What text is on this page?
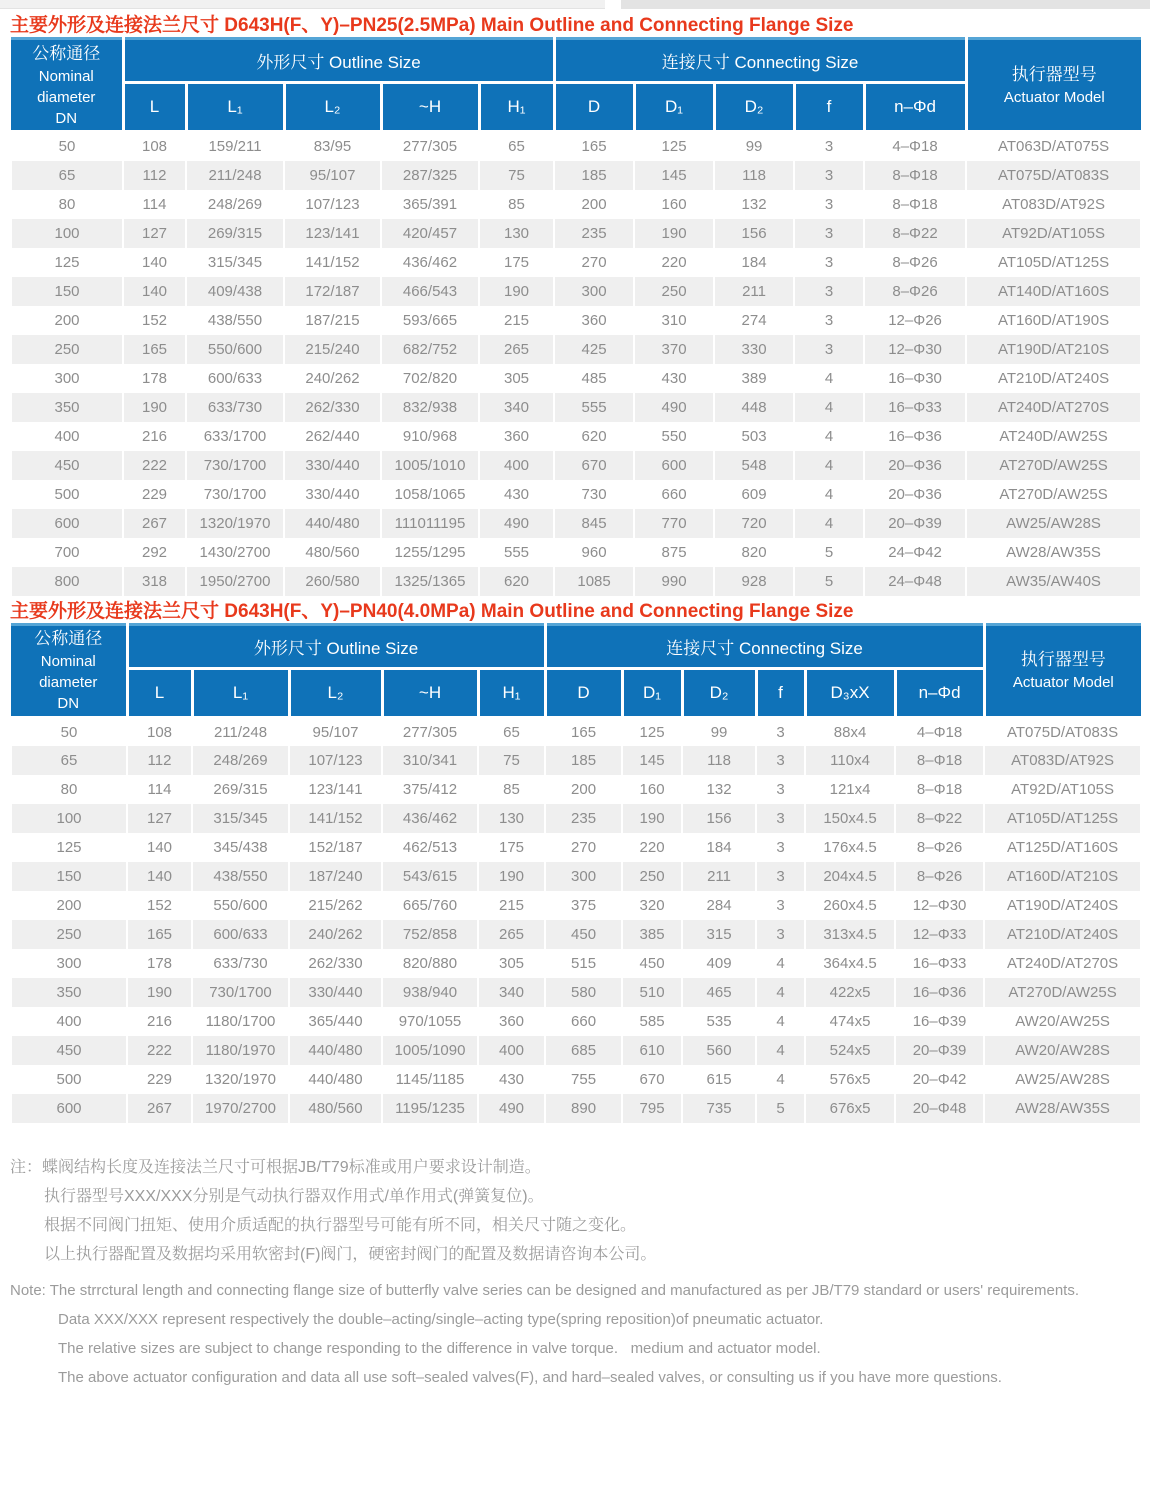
主要外形及连接法兰尺寸 D643H(F、Y)–PN25(2.5MPa) Main Outline and Connecting Flange Size
公称通径
Nominal
diameter
DN
	外形尺寸 Outline Size	连接尺寸 Connecting Size	
执行器型号
Actuator Model

	L	L₁	L₂	~H	H₁	D	D₁	D₂	f	n–Φd	
50	108	159/211	83/95	277/305	65	165	125	99	3	4–Φ18	AT063D/AT075S
65	112	211/248	95/107	287/325	75	185	145	118	3	8–Φ18	AT075D/AT083S
80	114	248/269	107/123	365/391	85	200	160	132	3	8–Φ18	AT083D/AT92S
100	127	269/315	123/141	420/457	130	235	190	156	3	8–Φ22	AT92D/AT105S
125	140	315/345	141/152	436/462	175	270	220	184	3	8–Φ26	AT105D/AT125S
150	140	409/438	172/187	466/543	190	300	250	211	3	8–Φ26	AT140D/AT160S
200	152	438/550	187/215	593/665	215	360	310	274	3	12–Φ26	AT160D/AT190S
250	165	550/600	215/240	682/752	265	425	370	330	3	12–Φ30	AT190D/AT210S
300	178	600/633	240/262	702/820	305	485	430	389	4	16–Φ30	AT210D/AT240S
350	190	633/730	262/330	832/938	340	555	490	448	4	16–Φ33	AT240D/AT270S
400	216	633/1700	262/440	910/968	360	620	550	503	4	16–Φ36	AT240D/AW25S
450	222	730/1700	330/440	1005/1010	400	670	600	548	4	20–Φ36	AT270D/AW25S
500	229	730/1700	330/440	1058/1065	430	730	660	609	4	20–Φ36	AT270D/AW25S
600	267	1320/1970	440/480	111011195	490	845	770	720	4	20–Φ39	AW25/AW28S
700	292	1430/2700	480/560	1255/1295	555	960	875	820	5	24–Φ42	AW28/AW35S
800	318	1950/2700	260/580	1325/1365	620	1085	990	928	5	24–Φ48	AW35/AW40S
主要外形及连接法兰尺寸 D643H(F、Y)–PN40(4.0MPa) Main Outline and Connecting Flange Size
公称通径
Nominal
diameter
DN
	外形尺寸 Outline Size	连接尺寸 Connecting Size	
执行器型号
Actuator Model

	L	L₁	L₂	~H	H₁	D	D₁	D₂	f	D₃xX	n–Φd	
50	108	211/248	95/107	277/305	65	165	125	99	3	88x4	4–Φ18	AT075D/AT083S
65	112	248/269	107/123	310/341	75	185	145	118	3	110x4	8–Φ18	AT083D/AT92S
80	114	269/315	123/141	375/412	85	200	160	132	3	121x4	8–Φ18	AT92D/AT105S
100	127	315/345	141/152	436/462	130	235	190	156	3	150x4.5	8–Φ22	AT105D/AT125S
125	140	345/438	152/187	462/513	175	270	220	184	3	176x4.5	8–Φ26	AT125D/AT160S
150	140	438/550	187/240	543/615	190	300	250	211	3	204x4.5	8–Φ26	AT160D/AT210S
200	152	550/600	215/262	665/760	215	375	320	284	3	260x4.5	12–Φ30	AT190D/AT240S
250	165	600/633	240/262	752/858	265	450	385	315	3	313x4.5	12–Φ33	AT210D/AT240S
300	178	633/730	262/330	820/880	305	515	450	409	4	364x4.5	16–Φ33	AT240D/AT270S
350	190	730/1700	330/440	938/940	340	580	510	465	4	422x5	16–Φ36	AT270D/AW25S
400	216	1180/1700	365/440	970/1055	360	660	585	535	4	474x5	16–Φ39	AW20/AW25S
450	222	1180/1970	440/480	1005/1090	400	685	610	560	4	524x5	20–Φ39	AW20/AW28S
500	229	1320/1970	440/480	1145/1185	430	755	670	615	4	576x5	20–Φ42	AW25/AW28S
600	267	1970/2700	480/560	1195/1235	490	890	795	735	5	676x5	20–Φ48	AW28/AW35S

注：蝶阀结构长度及连接法兰尺寸可根据JB/T79标准或用户要求设计制造。

执行器型号XXX/XXX分别是气动执行器双作用式/单作用式(弹簧复位)。

根据不同阀门扭矩、使用介质适配的执行器型号可能有所不同，相关尺寸随之变化。

以上执行器配置及数据均采用软密封(F)阀门，硬密封阀门的配置及数据请咨询本公司。

Note: The strrctural length and connecting flange size of butterfly valve series can be designed and manufactured as per JB/T79 standard or users' requirements.

Data XXX/XXX represent respectively the double–acting/single–acting type(spring reposition)of pneumatic actuator.

The relative sizes are subject to change responding to the difference in valve torque.   medium and actuator model.

The above actuator configuration and data all use soft–sealed valves(F), and hard–sealed valves, or consulting us if you have more questions.
